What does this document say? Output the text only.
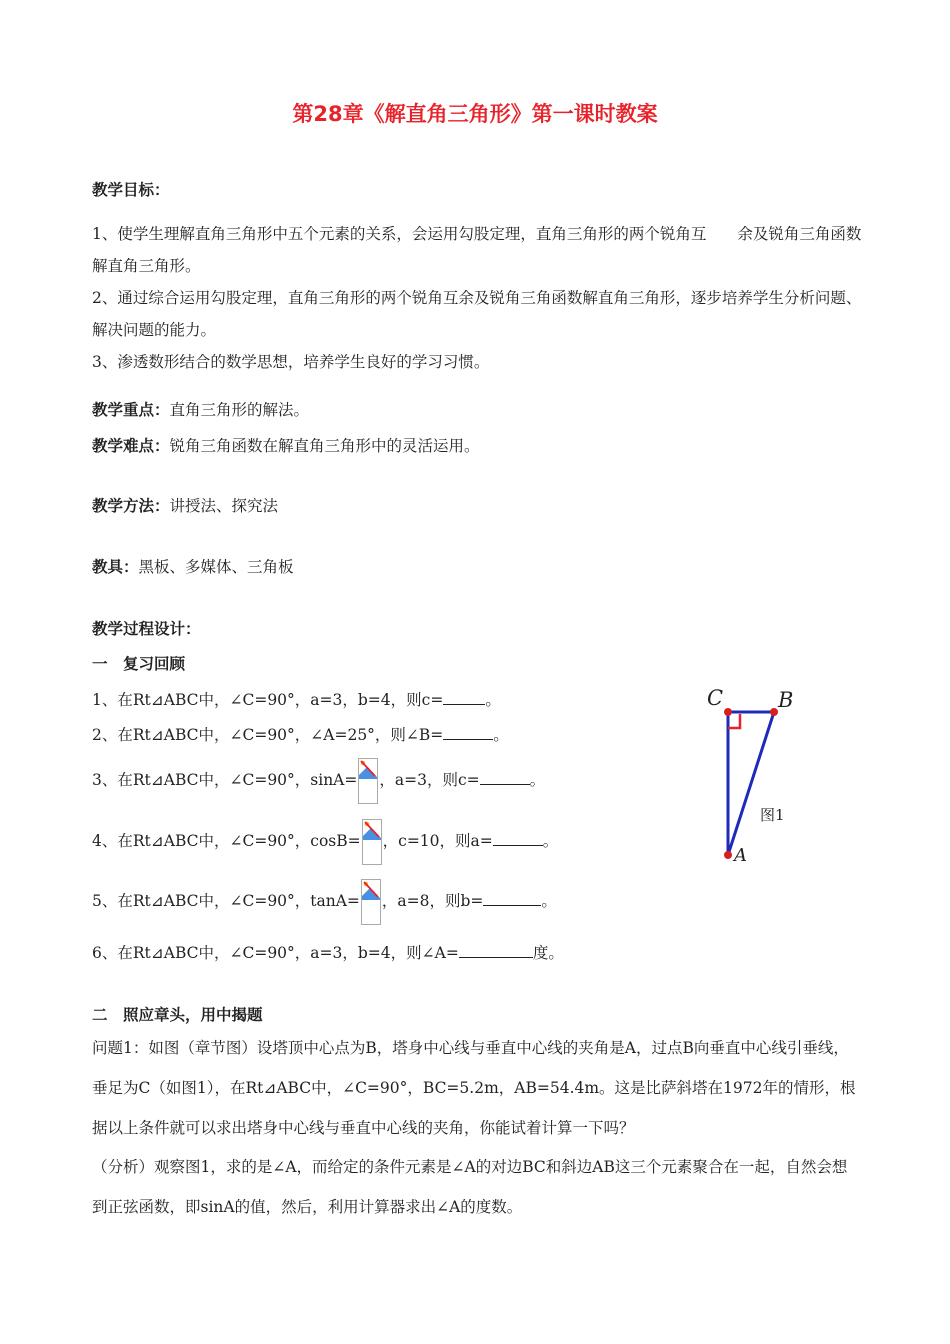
第28章《解直角三角形》第一课时教案
教学目标：
1、使学生理解直角三角形中五个元素的关系，会运用勾股定理，直角三角形的两个锐角互　　余及锐角三角函数解直角三角形。
2、通过综合运用勾股定理，直角三角形的两个锐角互余及锐角三角函数解直角三角形，逐步培养学生分析问题、解决问题的能力。
3、渗透数形结合的数学思想，培养学生良好的学习习惯。
教学重点：直角三角形的解法。
教学难点：锐角三角函数在解直角三角形中的灵活运用。
教学方法：讲授法、探究法
教具：黑板、多媒体、三角板
教学过程设计：
一　复习回顾
1、在Rt⊿ABC中，∠C=90°，a=3，b=4，则c=	。
2、在Rt⊿ABC中，∠C=90°，∠A=25°，则∠B=	。
3、在Rt⊿ABC中，∠C=90°，sinA= ，a=3，则c=	。
4、在Rt⊿ABC中，∠C=90°，cosB= ，c=10，则a=	。
5、在Rt⊿ABC中，∠C=90°，tanA= ，a=8，则b=	。
6、在Rt⊿ABC中，∠C=90°，a=3，b=4，则∠A=	度。
C	B
A
图1
二　照应章头，用中揭题
问题1：如图（章节图）设塔顶中心点为B，塔身中心线与垂直中心线的夹角是A，过点B向垂直中心线引垂线，垂足为C（如图1），在Rt⊿ABC中，∠C=90°，BC=5.2m，AB=54.4m。这是比萨斜塔在1972年的情形，根据以上条件就可以求出塔身中心线与垂直中心线的夹角，你能试着计算一下吗？
（分析）观察图1，求的是∠A，而给定的条件元素是∠A的对边BC和斜边AB这三个元素聚合在一起，自然会想到正弦函数，即sinA的值，然后，利用计算器求出∠A的度数。
